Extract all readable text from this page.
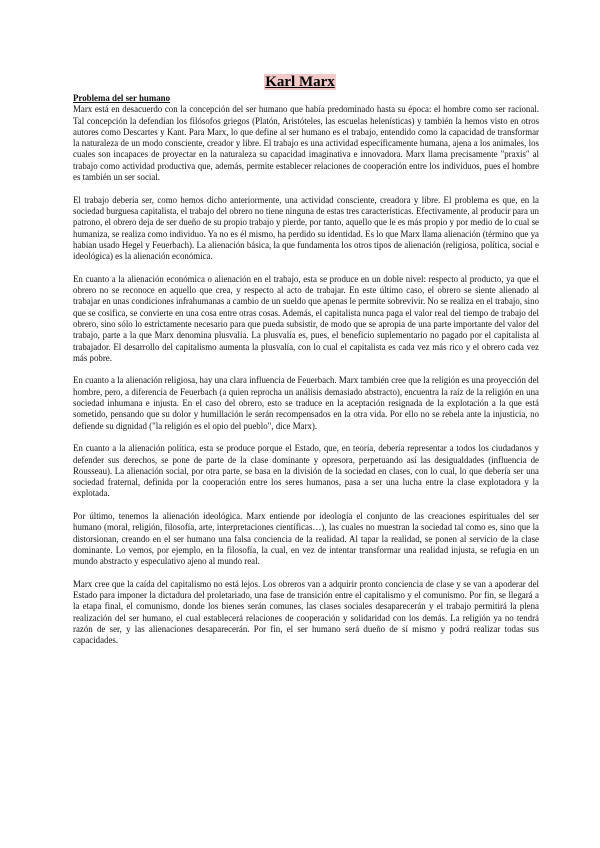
Karl Marx

Problema del ser humano

Marx está en desacuerdo con la concepción del ser humano que había predominado hasta su época: el hombre como ser racional. Tal concepción la defendían los filósofos griegos (Platón, Aristóteles, las escuelas helenísticas) y también la hemos visto en otros autores como Descartes y Kant. Para Marx, lo que define al ser humano es el trabajo, entendido como la capacidad de transformar la naturaleza de un modo consciente, creador y libre. El trabajo es una actividad específicamente humana, ajena a los animales, los cuales son incapaces de proyectar en la naturaleza su capacidad imaginativa e innovadora. Marx llama precisamente "praxis" al trabajo como actividad productiva que, además, permite establecer relaciones de cooperación entre los individuos, pues el hombre es también un ser social.

El trabajo debería ser, como hemos dicho anteriormente, una actividad consciente, creadora y libre. El problema es que, en la sociedad burguesa capitalista, el trabajo del obrero no tiene ninguna de estas tres características. Efectivamente, al producir para un patrono, el obrero deja de ser dueño de su propio trabajo y pierde, por tanto, aquello que le es más propio y por medio de lo cual se humaniza, se realiza como individuo. Ya no es él mismo, ha perdido su identidad. Es lo que Marx llama alienación (término que ya habían usado Hegel y Feuerbach). La alienación básica, la que fundamenta los otros tipos de alienación (religiosa, política, social e ideológica) es la alienación económica.

En cuanto a la alienación económica o alienación en el trabajo, esta se produce en un doble nivel: respecto al producto, ya que el obrero no se reconoce en aquello que crea, y respecto al acto de trabajar. En este último caso, el obrero se siente alienado al trabajar en unas condiciones infrahumanas a cambio de un sueldo que apenas le permite sobrevivir. No se realiza en el trabajo, sino que se cosifica, se convierte en una cosa entre otras cosas. Además, el capitalista nunca paga el valor real del tiempo de trabajo del obrero, sino sólo lo estrictamente necesario para que pueda subsistir, de modo que se apropia de una parte importante del valor del trabajo, parte a la que Marx denomina plusvalía. La plusvalía es, pues, el beneficio suplementario no pagado por el capitalista al trabajador. El desarrollo del capitalismo aumenta la plusvalía, con lo cual el capitalista es cada vez más rico y el obrero cada vez más pobre.

En cuanto a la alienación religiosa, hay una clara influencia de Feuerbach. Marx también cree que la religión es una proyección del hombre, pero, a diferencia de Feuerbach (a quien reprocha un análisis demasiado abstracto), encuentra la raíz de la religión en una sociedad inhumana e injusta. En el caso del obrero, esto se traduce en la aceptación resignada de la explotación a la que está sometido, pensando que su dolor y humillación le serán recompensados en la otra vida. Por ello no se rebela ante la injusticia, no defiende su dignidad ("la religión es el opio del pueblo", dice Marx).

En cuanto a la alienación política, esta se produce porque el Estado, que, en teoría, debería representar a todos los ciudadanos y defender sus derechos, se pone de parte de la clase dominante y opresora, perpetuando así las desigualdades (influencia de Rousseau). La alienación social, por otra parte, se basa en la división de la sociedad en clases, con lo cual, lo que debería ser una sociedad fraternal, definida por la cooperación entre los seres humanos, pasa a ser una lucha entre la clase explotadora y la explotada.

Por último, tenemos la alienación ideológica. Marx entiende por ideología el conjunto de las creaciones espirituales del ser humano (moral, religión, filosofía, arte, interpretaciones científicas…), las cuales no muestran la sociedad tal como es, sino que la distorsionan, creando en el ser humano una falsa conciencia de la realidad. Al tapar la realidad, se ponen al servicio de la clase dominante. Lo vemos, por ejemplo, en la filosofía, la cual, en vez de intentar transformar una realidad injusta, se refugia en un mundo abstracto y especulativo ajeno al mundo real.

Marx cree que la caída del capitalismo no está lejos. Los obreros van a adquirir pronto conciencia de clase y se van a apoderar del Estado para imponer la dictadura del proletariado, una fase de transición entre el capitalismo y el comunismo. Por fin, se llegará a la etapa final, el comunismo, donde los bienes serán comunes, las clases sociales desaparecerán y el trabajo permitirá la plena realización del ser humano, el cual establecerá relaciones de cooperación y solidaridad con los demás. La religión ya no tendrá razón de ser, y las alienaciones desaparecerán. Por fin, el ser humano será dueño de sí mismo y podrá realizar todas sus capacidades.
